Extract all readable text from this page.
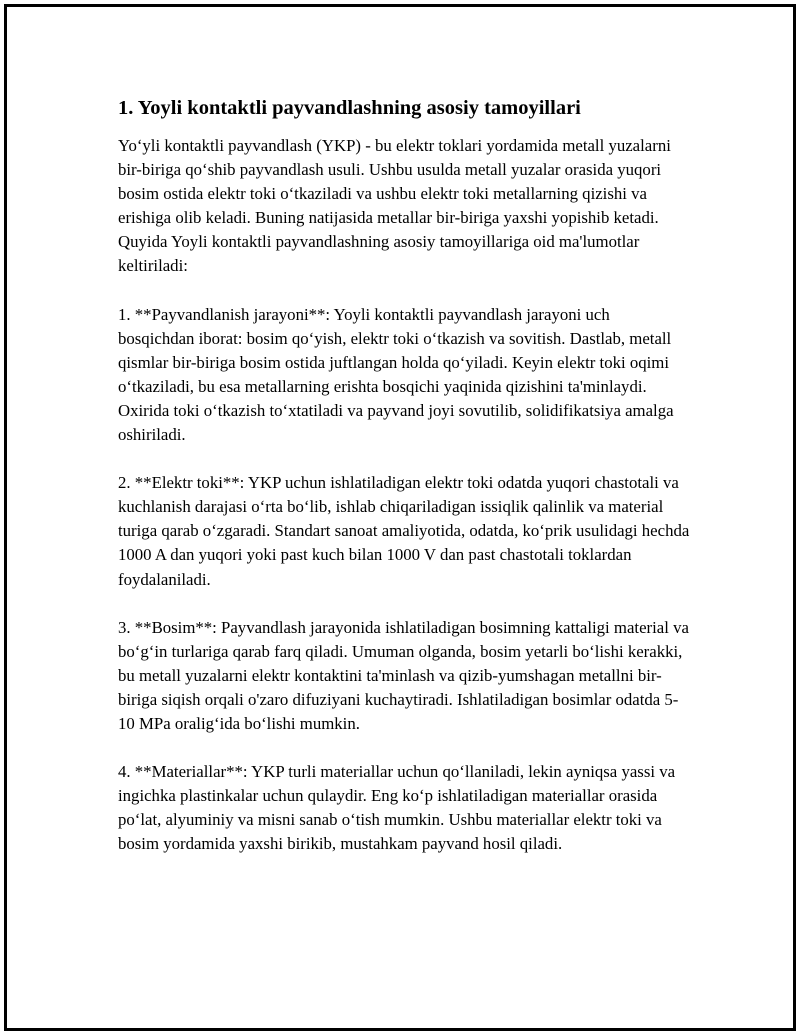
1. Yoyli kontaktli payvandlashning asosiy tamoyillari

Yo‘yli kontaktli payvandlash (YKP) - bu elektr toklari yordamida metall yuzalarni bir-biriga qo‘shib payvandlash usuli. Ushbu usulda metall yuzalar orasida yuqori bosim ostida elektr toki o‘tkaziladi va ushbu elektr toki metallarning qizishi va erishiga olib keladi. Buning natijasida metallar bir-biriga yaxshi yopishib ketadi. Quyida Yoyli kontaktli payvandlashning asosiy tamoyillariga oid ma'lumotlar keltiriladi:

1. **Payvandlanish jarayoni**: Yoyli kontaktli payvandlash jarayoni uch bosqichdan iborat: bosim qo‘yish, elektr toki o‘tkazish va sovitish. Dastlab, metall qismlar bir-biriga bosim ostida juftlangan holda qo‘yiladi. Keyin elektr toki oqimi o‘tkaziladi, bu esa metallarning erishta bosqichi yaqinida qizishini ta'minlaydi. Oxirida toki o‘tkazish to‘xtatiladi va payvand joyi sovutilib, solidifikatsiya amalga oshiriladi.

2. **Elektr toki**: YKP uchun ishlatiladigan elektr toki odatda yuqori chastotali va kuchlanish darajasi o‘rta bo‘lib, ishlab chiqariladigan issiqlik qalinlik va material turiga qarab o‘zgaradi. Standart sanoat amaliyotida, odatda, ko‘prik usulidagi hechda 1000 A dan yuqori yoki past kuch bilan 1000 V dan past chastotali toklardan foydalaniladi.

3. **Bosim**: Payvandlash jarayonida ishlatiladigan bosimning kattaligi material va bo‘g‘in turlariga qarab farq qiladi. Umuman olganda, bosim yetarli bo‘lishi kerakki, bu metall yuzalarni elektr kontaktini ta'minlash va qizib-yumshagan metallni bir-biriga siqish orqali o'zaro difuziyani kuchaytiradi. Ishlatiladigan bosimlar odatda 5-10 MPa oralig‘ida bo‘lishi mumkin.

4. **Materiallar**: YKP turli materiallar uchun qo‘llaniladi, lekin ayniqsa yassi va ingichka plastinkalar uchun qulaydir. Eng ko‘p ishlatiladigan materiallar orasida po‘lat, alyuminiy va misni sanab o‘tish mumkin. Ushbu materiallar elektr toki va bosim yordamida yaxshi birikib, mustahkam payvand hosil qiladi.
